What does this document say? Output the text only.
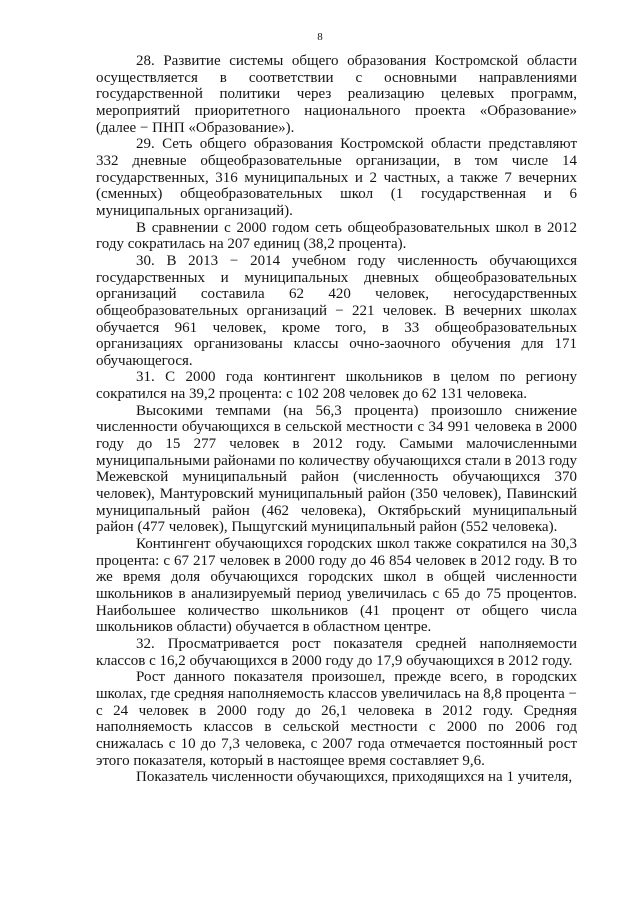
8

28. Развитие системы общего образования Костромской области осуществляется в соответствии с основными направлениями государственной политики через реализацию целевых программ, мероприятий приоритетного национального проекта «Образование» (далее − ПНП «Образование»).

29. Сеть общего образования Костромской области представляют 332 дневные общеобразовательные организации, в том числе 14 государственных, 316 муниципальных и 2 частных, а также 7 вечерних (сменных) общеобразовательных школ (1 государственная и 6 муниципальных организаций).

В сравнении с 2000 годом сеть общеобразовательных школ в 2012 году сократилась на 207 единиц (38,2 процента).

30. В 2013 − 2014 учебном году численность обучающихся государственных и муниципальных дневных общеобразовательных организаций составила 62 420 человек, негосударственных общеобразовательных организаций − 221 человек. В вечерних школах обучается 961 человек, кроме того, в 33 общеобразовательных организациях организованы классы очно-заочного обучения для 171 обучающегося.

31. С 2000 года контингент школьников в целом по региону сократился на 39,2 процента: с 102 208 человек до 62 131 человека.

Высокими темпами (на 56,3 процента) произошло снижение численности обучающихся в сельской местности с 34 991 человека в 2000 году до 15 277 человек в 2012 году. Самыми малочисленными муниципальными районами по количеству обучающихся стали в 2013 году Межевской муниципальный район (численность обучающихся 370 человек), Мантуровский муниципальный район (350 человек), Павинский муниципальный район (462 человека), Октябрьский муниципальный район (477 человек), Пыщугский муниципальный район (552 человека).

Контингент обучающихся городских школ также сократился на 30,3 процента: с 67 217 человек в 2000 году до 46 854 человек в 2012 году. В то же время доля обучающихся городских школ в общей численности школьников в анализируемый период увеличилась с 65 до 75 процентов. Наибольшее количество школьников (41 процент от общего числа школьников области) обучается в областном центре.

32. Просматривается рост показателя средней наполняемости классов с 16,2 обучающихся в 2000 году до 17,9 обучающихся в 2012 году.

Рост данного показателя произошел, прежде всего, в городских школах, где средняя наполняемость классов увеличилась на 8,8 процента − с 24 человек в 2000 году до 26,1 человека в 2012 году. Средняя наполняемость классов в сельской местности с 2000 по 2006 год снижалась с 10 до 7,3 человека, с 2007 года отмечается постоянный рост этого показателя, который в настоящее время составляет 9,6.

Показатель численности обучающихся, приходящихся на 1 учителя,
